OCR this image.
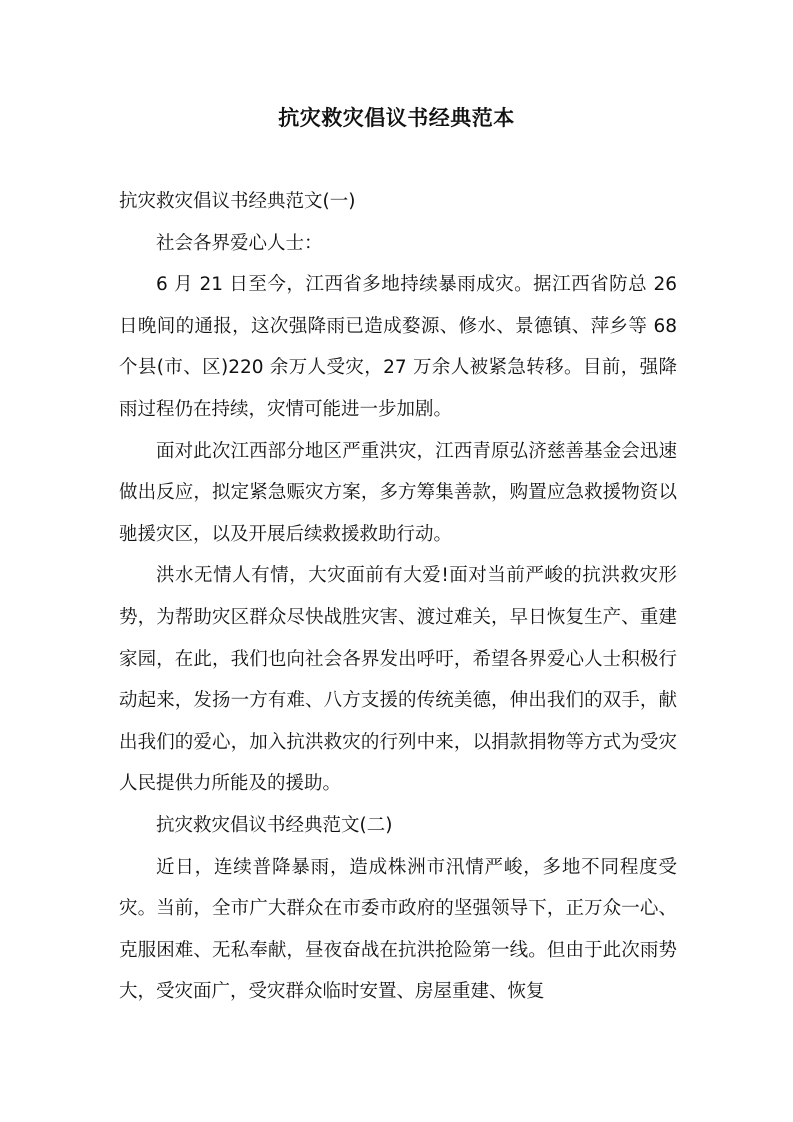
抗灾救灾倡议书经典范本

抗灾救灾倡议书经典范文(一)

社会各界爱心人士：

6 月 21 日至今，江西省多地持续暴雨成灾。据江西省防总 26 日晚间的通报，这次强降雨已造成婺源、修水、景德镇、萍乡等 68 个县(市、区)220 余万人受灾，27 万余人被紧急转移。目前，强降雨过程仍在持续，灾情可能进一步加剧。

面对此次江西部分地区严重洪灾，江西青原弘济慈善基金会迅速做出反应，拟定紧急赈灾方案，多方筹集善款，购置应急救援物资以驰援灾区，以及开展后续救援救助行动。

洪水无情人有情，大灾面前有大爱!面对当前严峻的抗洪救灾形势，为帮助灾区群众尽快战胜灾害、渡过难关，早日恢复生产、重建家园，在此，我们也向社会各界发出呼吁，希望各界爱心人士积极行动起来，发扬一方有难、八方支援的传统美德，伸出我们的双手，献出我们的爱心，加入抗洪救灾的行列中来，以捐款捐物等方式为受灾人民提供力所能及的援助。

抗灾救灾倡议书经典范文(二)

近日，连续普降暴雨，造成株洲市汛情严峻，多地不同程度受灾。当前，全市广大群众在市委市政府的坚强领导下，正万众一心、克服困难、无私奉献，昼夜奋战在抗洪抢险第一线。但由于此次雨势大，受灾面广，受灾群众临时安置、房屋重建、恢复
